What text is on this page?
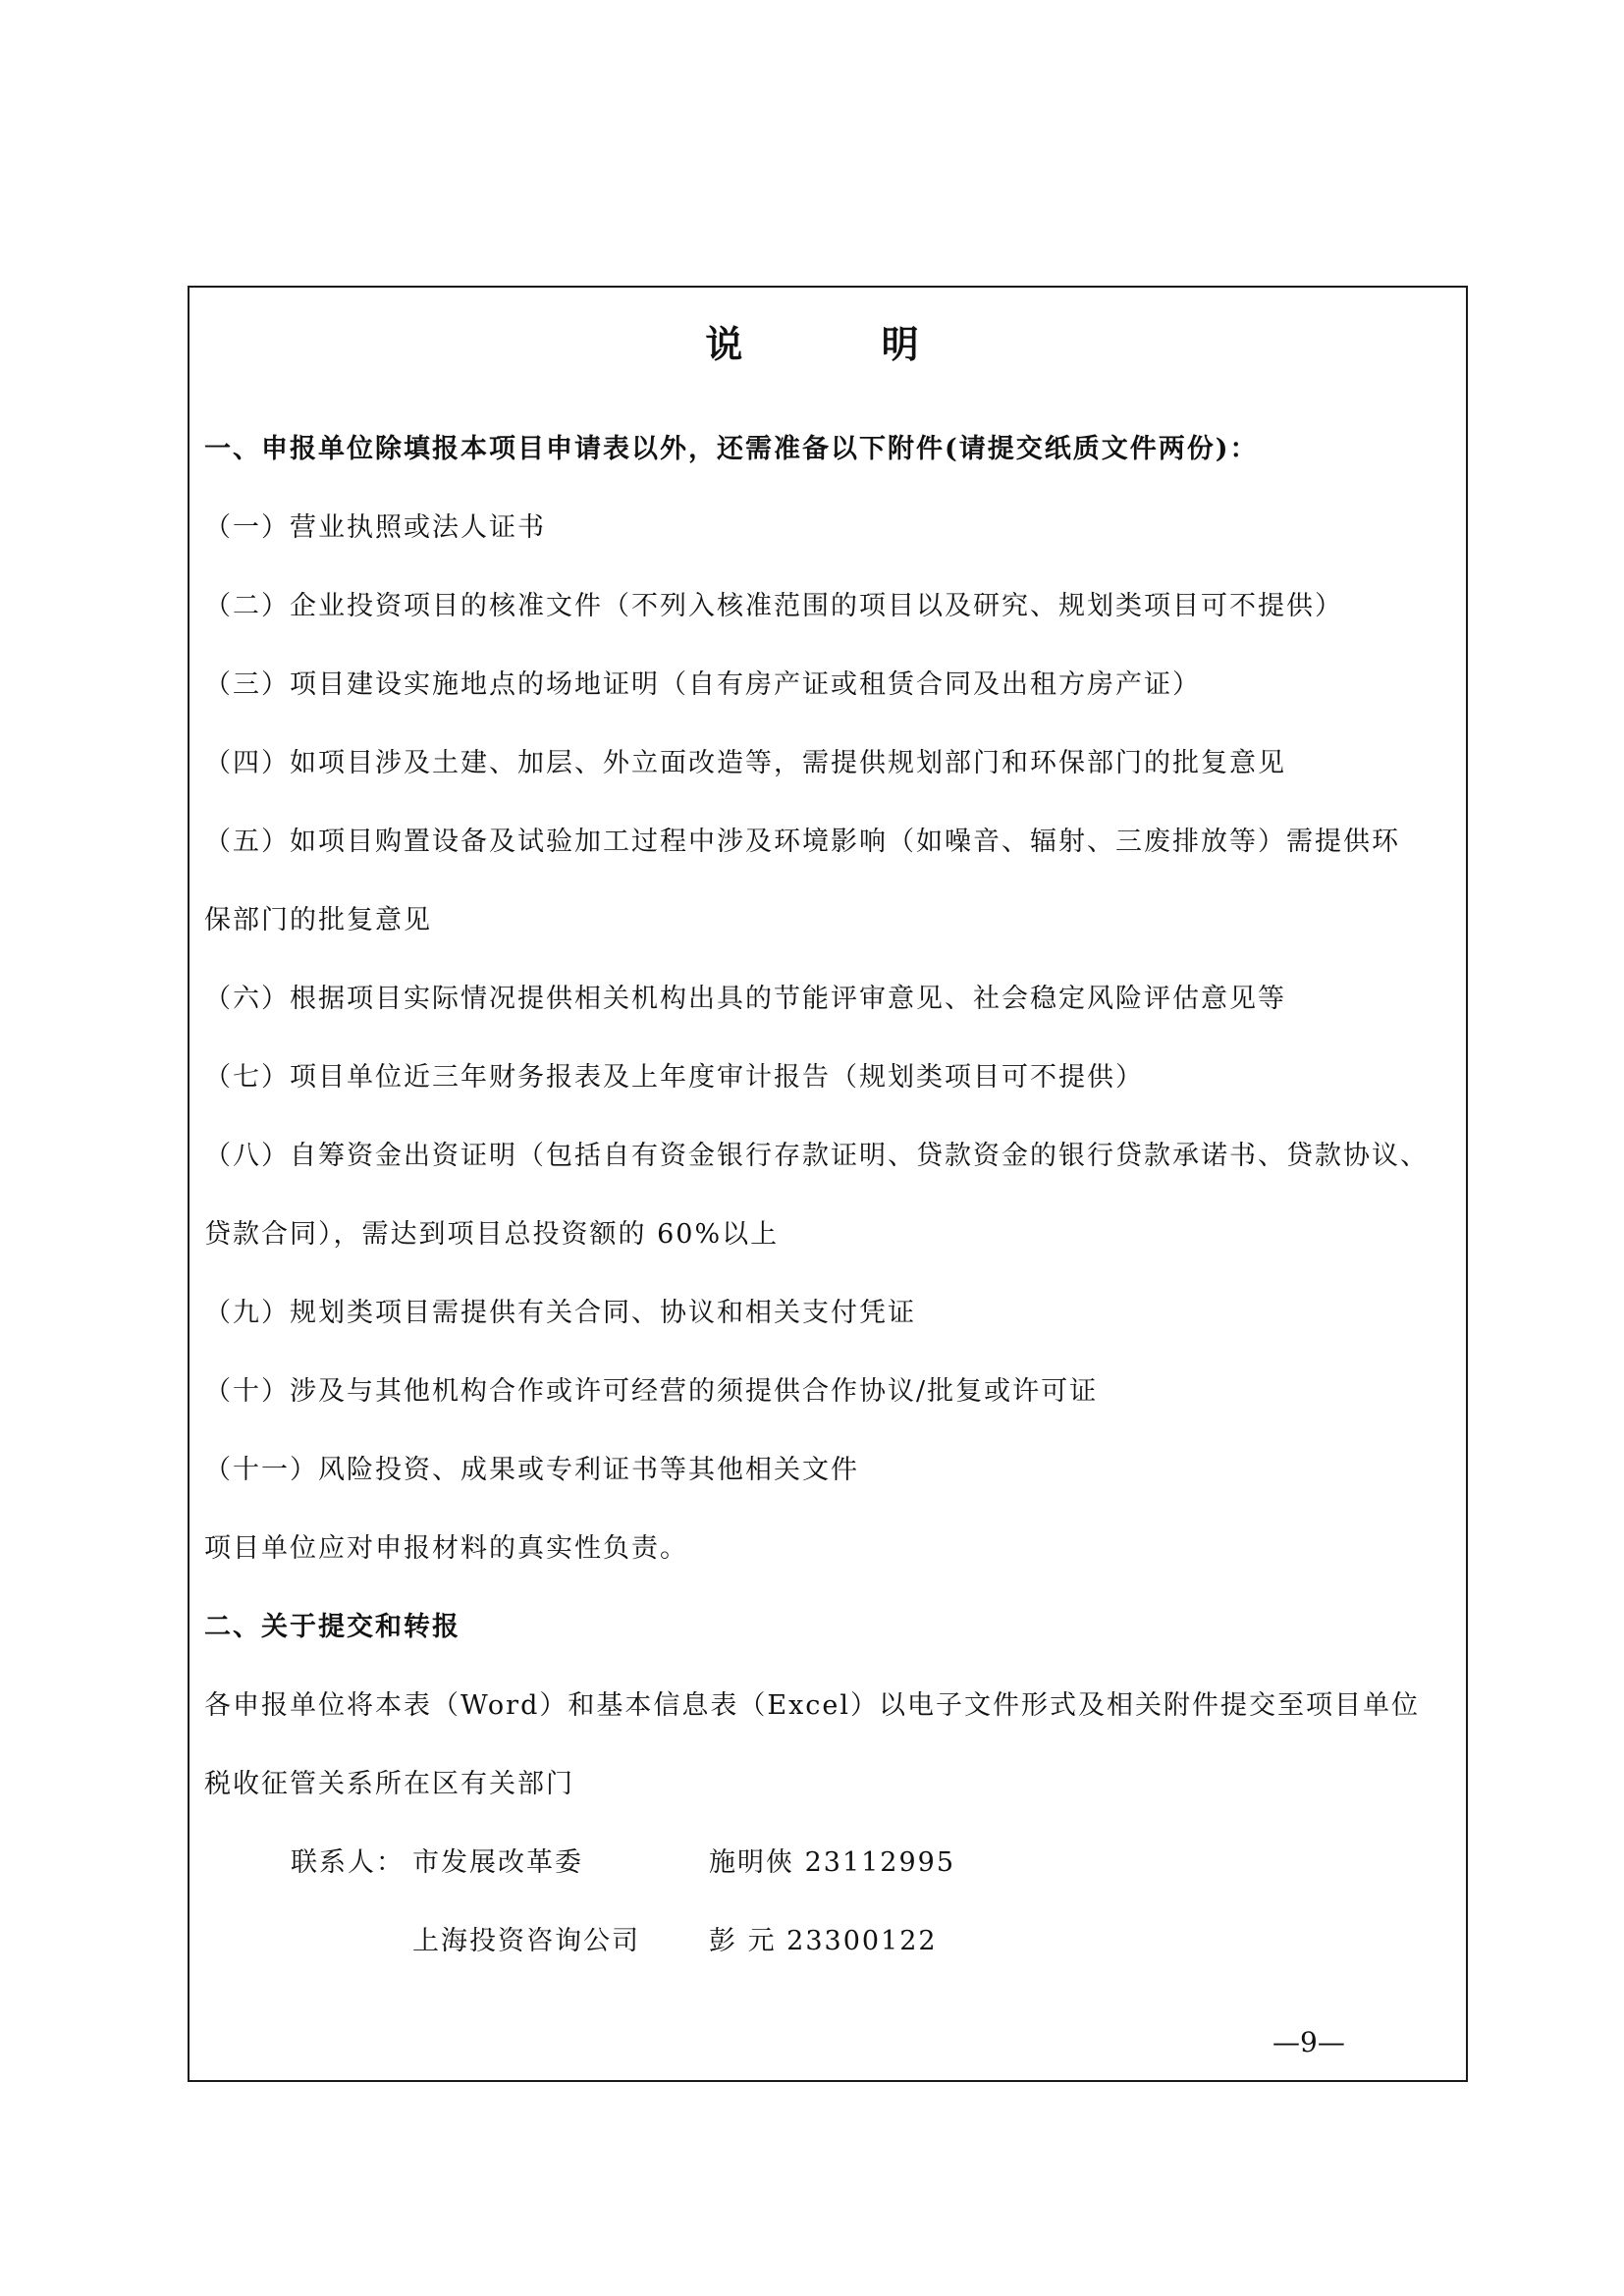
说 明
一、申报单位除填报本项目申请表以外，还需准备以下附件(请提交纸质文件两份)：
（一）营业执照或法人证书
（二）企业投资项目的核准文件（不列入核准范围的项目以及研究、规划类项目可不提供）
（三）项目建设实施地点的场地证明（自有房产证或租赁合同及出租方房产证）
（四）如项目涉及土建、加层、外立面改造等，需提供规划部门和环保部门的批复意见
（五）如项目购置设备及试验加工过程中涉及环境影响（如噪音、辐射、三废排放等）需提供环
保部门的批复意见
（六）根据项目实际情况提供相关机构出具的节能评审意见、社会稳定风险评估意见等
（七）项目单位近三年财务报表及上年度审计报告（规划类项目可不提供）
（八）自筹资金出资证明（包括自有资金银行存款证明、贷款资金的银行贷款承诺书、贷款协议、
贷款合同），需达到项目总投资额的 60%以上
（九）规划类项目需提供有关合同、协议和相关支付凭证
（十）涉及与其他机构合作或许可经营的须提供合作协议/批复或许可证
（十一）风险投资、成果或专利证书等其他相关文件
项目单位应对申报材料的真实性负责。
二、关于提交和转报
各申报单位将本表（Word）和基本信息表（Excel）以电子文件形式及相关附件提交至项目单位
税收征管关系所在区有关部门
联系人： 市发展改革委	施明俠 23112995
上海投资咨询公司	彭 元 23300122
—9—
